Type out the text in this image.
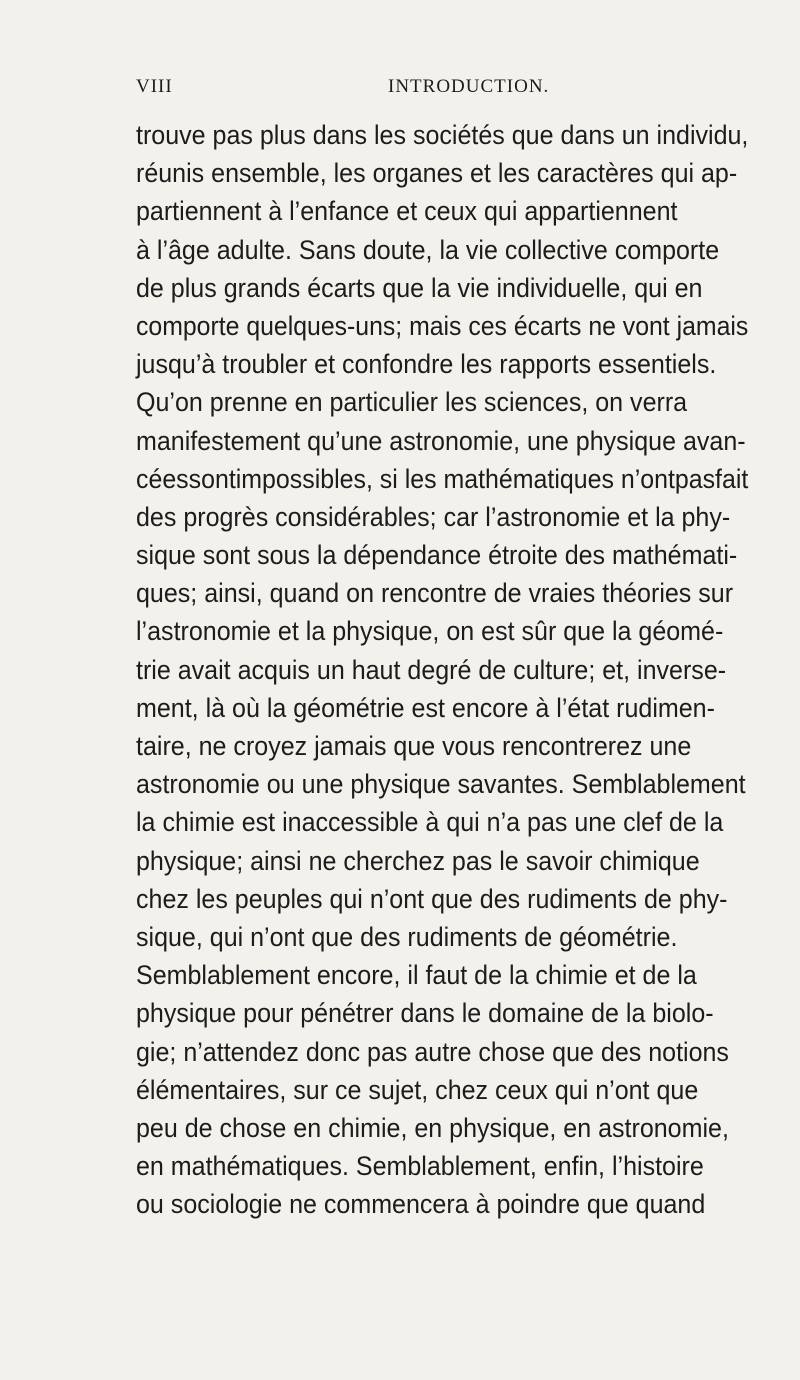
VIII	INTRODUCTION.
trouve pas plus dans les sociétés que dans un individu,
réunis ensemble, les organes et les caractères qui ap-
partiennent à l’enfance et ceux qui appartiennent
à l’âge adulte. Sans doute, la vie collective comporte
de plus grands écarts que la vie individuelle, qui en
comporte quelques-uns; mais ces écarts ne vont jamais
jusqu’à troubler et confondre les rapports essentiels.
Qu’on prenne en particulier les sciences, on verra
manifestement qu’une astronomie, une physique avan-
céessontimpossibles, si les mathématiques n’ontpasfait
des progrès considérables; car l’astronomie et la phy-
sique sont sous la dépendance étroite des mathémati-
ques; ainsi, quand on rencontre de vraies théories sur
l’astronomie et la physique, on est sûr que la géomé-
trie avait acquis un haut degré de culture; et, inverse-
ment, là où la géométrie est encore à l’état rudimen-
taire, ne croyez jamais que vous rencontrerez une
astronomie ou une physique savantes. Semblablement
la chimie est inaccessible à qui n’a pas une clef de la
physique; ainsi ne cherchez pas le savoir chimique
chez les peuples qui n’ont que des rudiments de phy-
sique, qui n’ont que des rudiments de géométrie.
Semblablement encore, il faut de la chimie et de la
physique pour pénétrer dans le domaine de la biolo-
gie; n’attendez donc pas autre chose que des notions
élémentaires, sur ce sujet, chez ceux qui n’ont que
peu de chose en chimie, en physique, en astronomie,
en mathématiques. Semblablement, enfin, l’histoire
ou sociologie ne commencera à poindre que quand
